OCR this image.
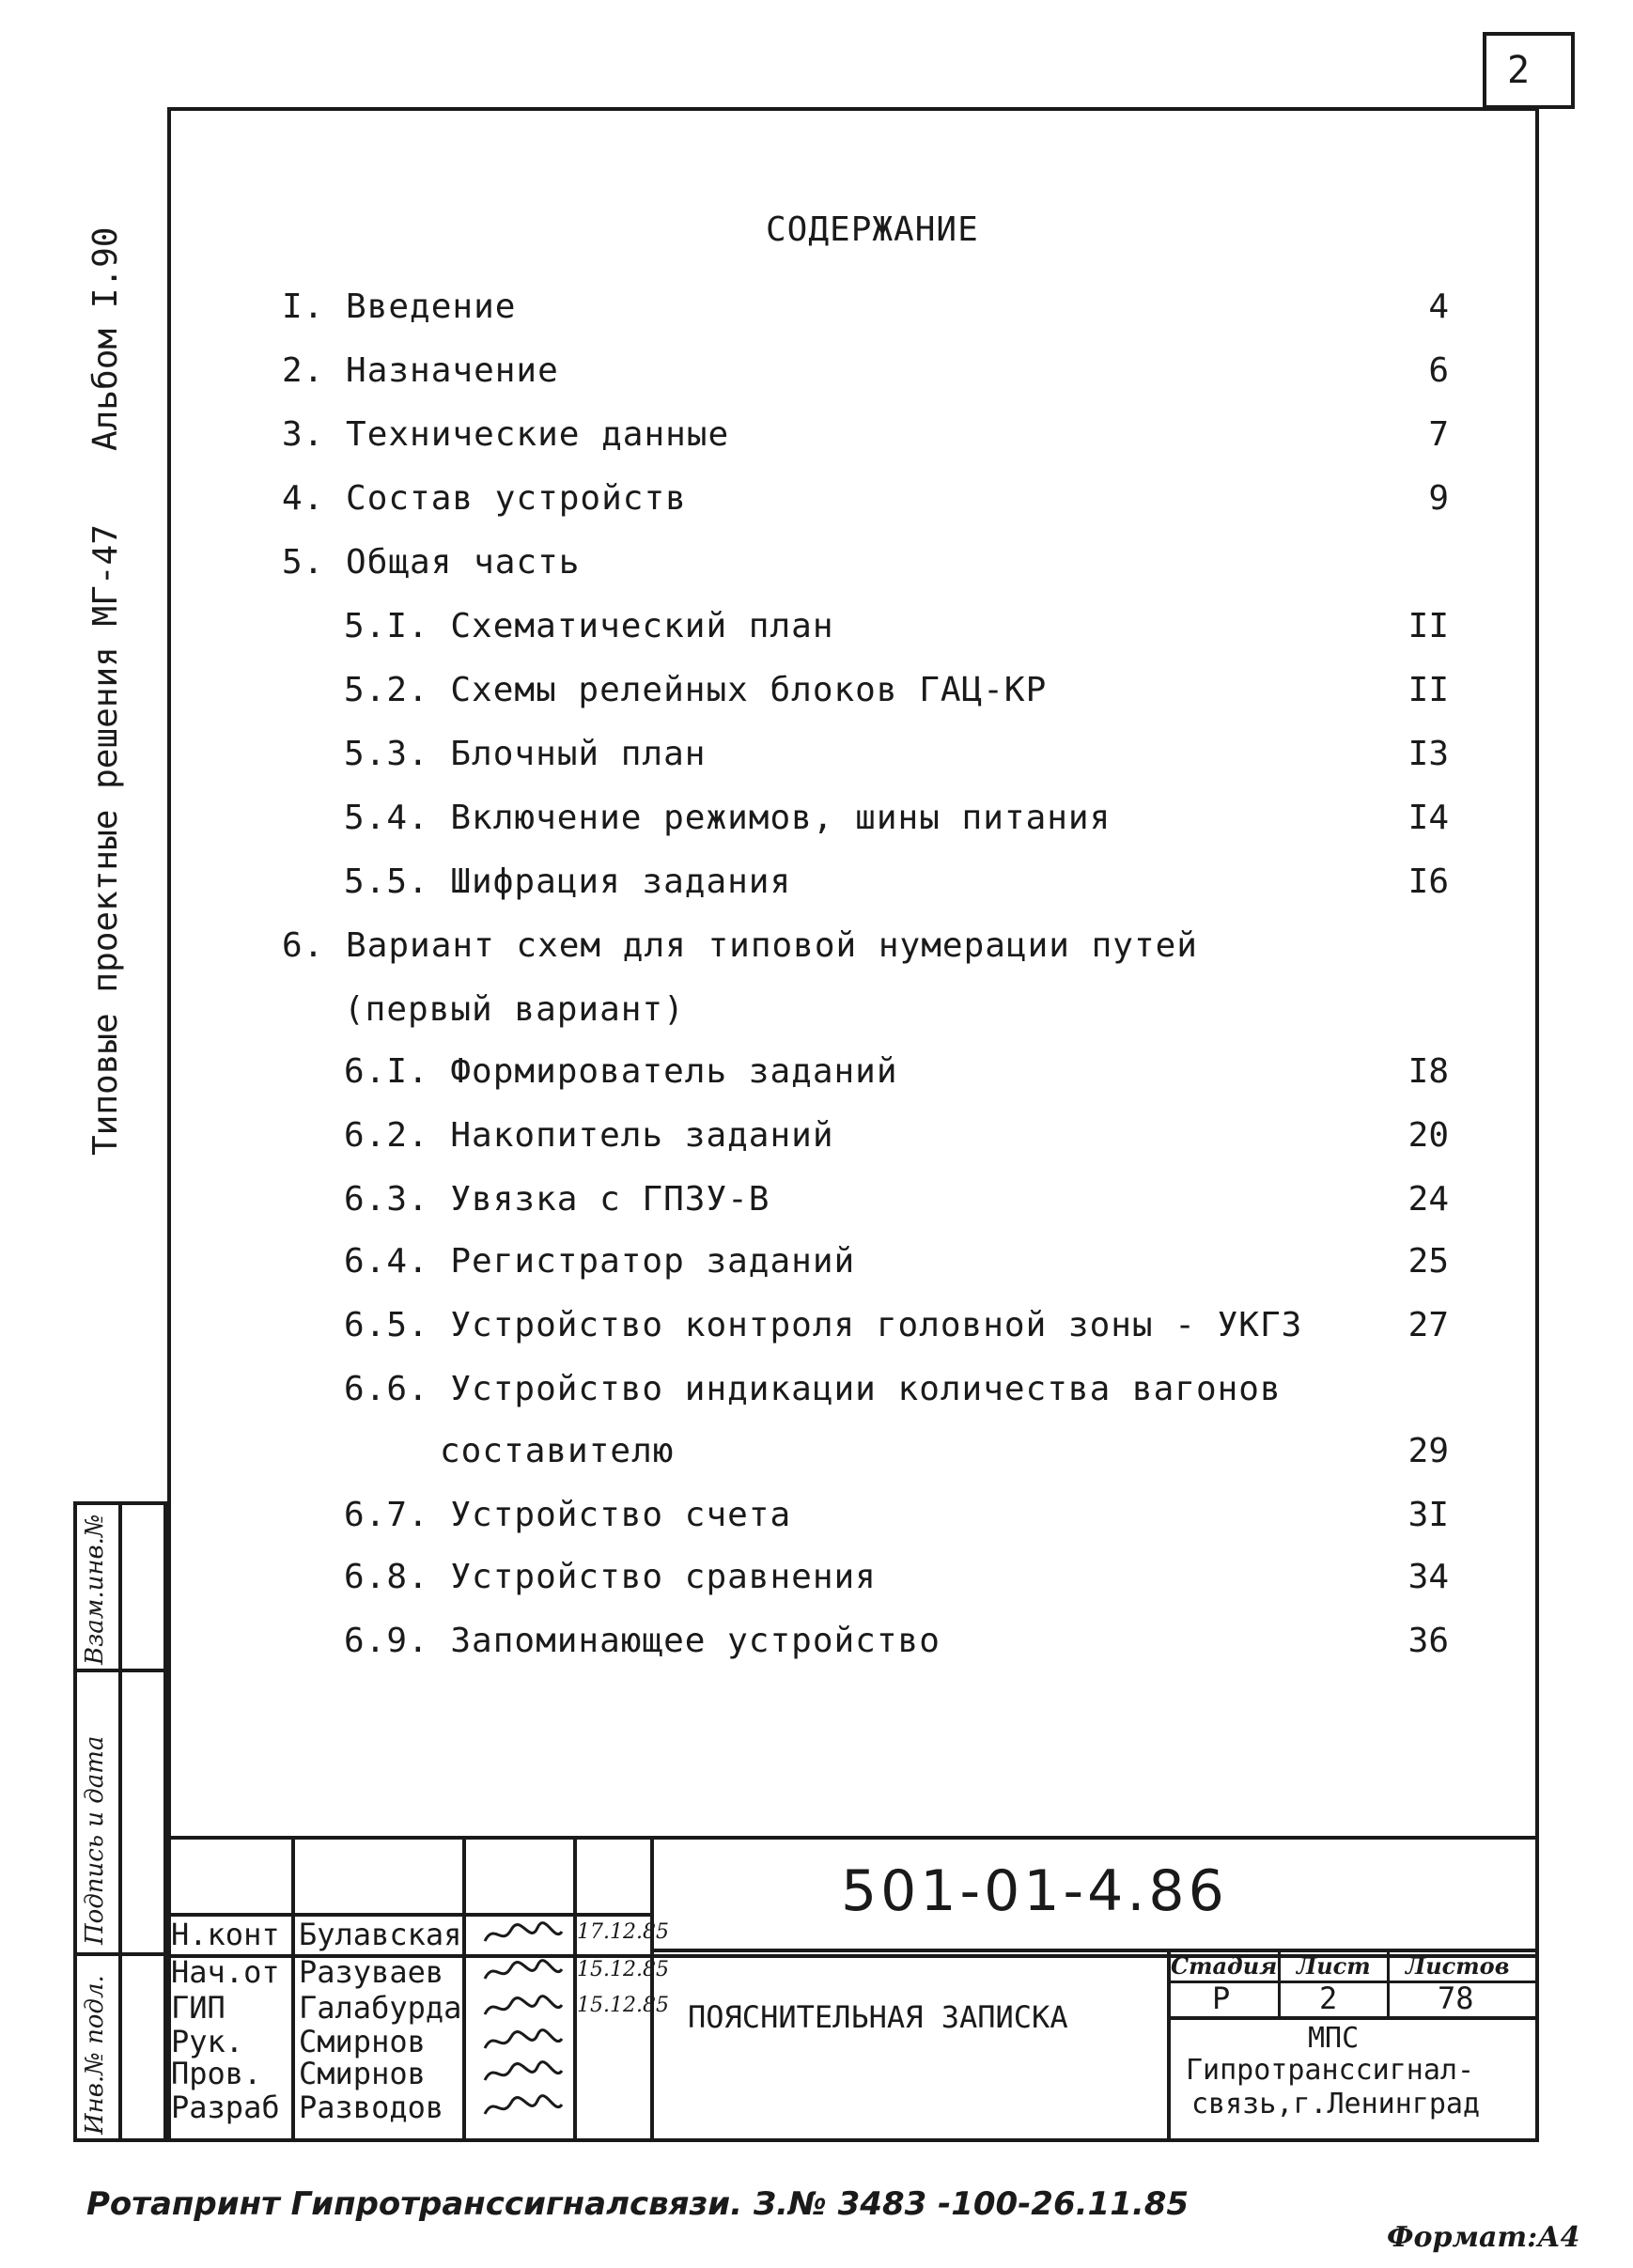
2
Альбом I.90
Типовые проектные решения МГ-47
Инв.№ подл.
Подпись и дата
Взам.инв.№
СОДЕРЖАНИЕ
I. Введение	4
2. Назначение	6
3. Технические данные	7
4. Состав устройств	9
5. Общая часть
5.I. Схематический план	II
5.2. Схемы релейных блоков ГАЦ-КР	II
5.3. Блочный план	I3
5.4. Включение режимов, шины питания	I4
5.5. Шифрация задания	I6
6. Вариант схем для типовой нумерации путей
(первый вариант)
6.I. Формирователь заданий	I8
6.2. Накопитель заданий	20
6.3. Увязка с ГПЗУ-В	24
6.4. Регистратор заданий	25
6.5. Устройство контроля головной зоны - УКГЗ	27
6.6. Устройство индикации количества вагонов
составителю	29
6.7. Устройство счета	3I
6.8. Устройство сравнения	34
6.9. Запоминающее устройство	36
501-01-4.86
ПОЯСНИТЕЛЬНАЯ ЗАПИСКА
Стадия Лист Листов
Р	2	78
МПС
Гипротранссигнал-
связь,г.Ленинград
Н.конт Булавская	17.12.85
Нач.от Разуваев	15.12.85
ГИП Галабурда	15.12.85
Рук. Смирнов
Пров. Смирнов
Разраб Разводов
Ротапринт Гипротранссигналсвязи. З.№ 3483 -100-26.11.85
Формат:А4
